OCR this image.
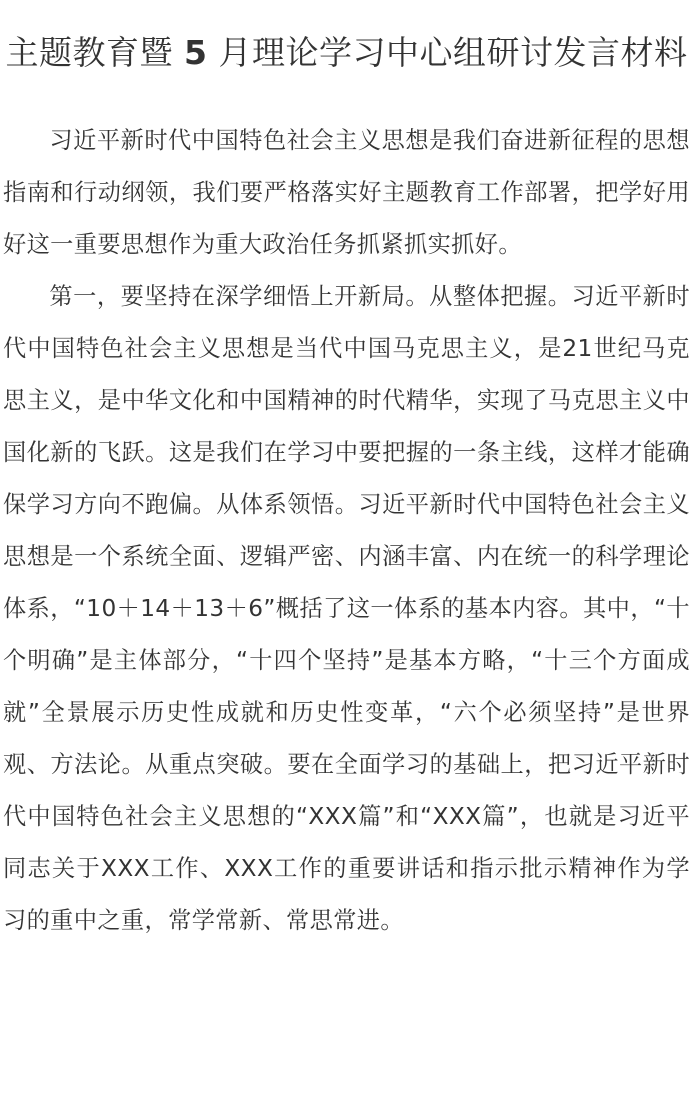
主题教育暨 5 月理论学习中心组研讨发言材料

习近平新时代中国特色社会主义思想是我们奋进新征程的思想指南和行动纲领，我们要严格落实好主题教育工作部署，把学好用好这一重要思想作为重大政治任务抓紧抓实抓好。

第一，要坚持在深学细悟上开新局。从整体把握。习近平新时代中国特色社会主义思想是当代中国马克思主义，是21世纪马克思主义，是中华文化和中国精神的时代精华，实现了马克思主义中国化新的飞跃。这是我们在学习中要把握的一条主线，这样才能确保学习方向不跑偏。从体系领悟。习近平新时代中国特色社会主义思想是一个系统全面、逻辑严密、内涵丰富、内在统一的科学理论体系，“10＋14＋13＋6”概括了这一体系的基本内容。其中，“十个明确”是主体部分，“十四个坚持”是基本方略，“十三个方面成就”全景展示历史性成就和历史性变革，“六个必须坚持”是世界观、方法论。从重点突破。要在全面学习的基础上，把习近平新时代中国特色社会主义思想的“XXX篇”和“XXX篇”，也就是习近平同志关于XXX工作、XXX工作的重要讲话和指示批示精神作为学习的重中之重，常学常新、常思常进。
